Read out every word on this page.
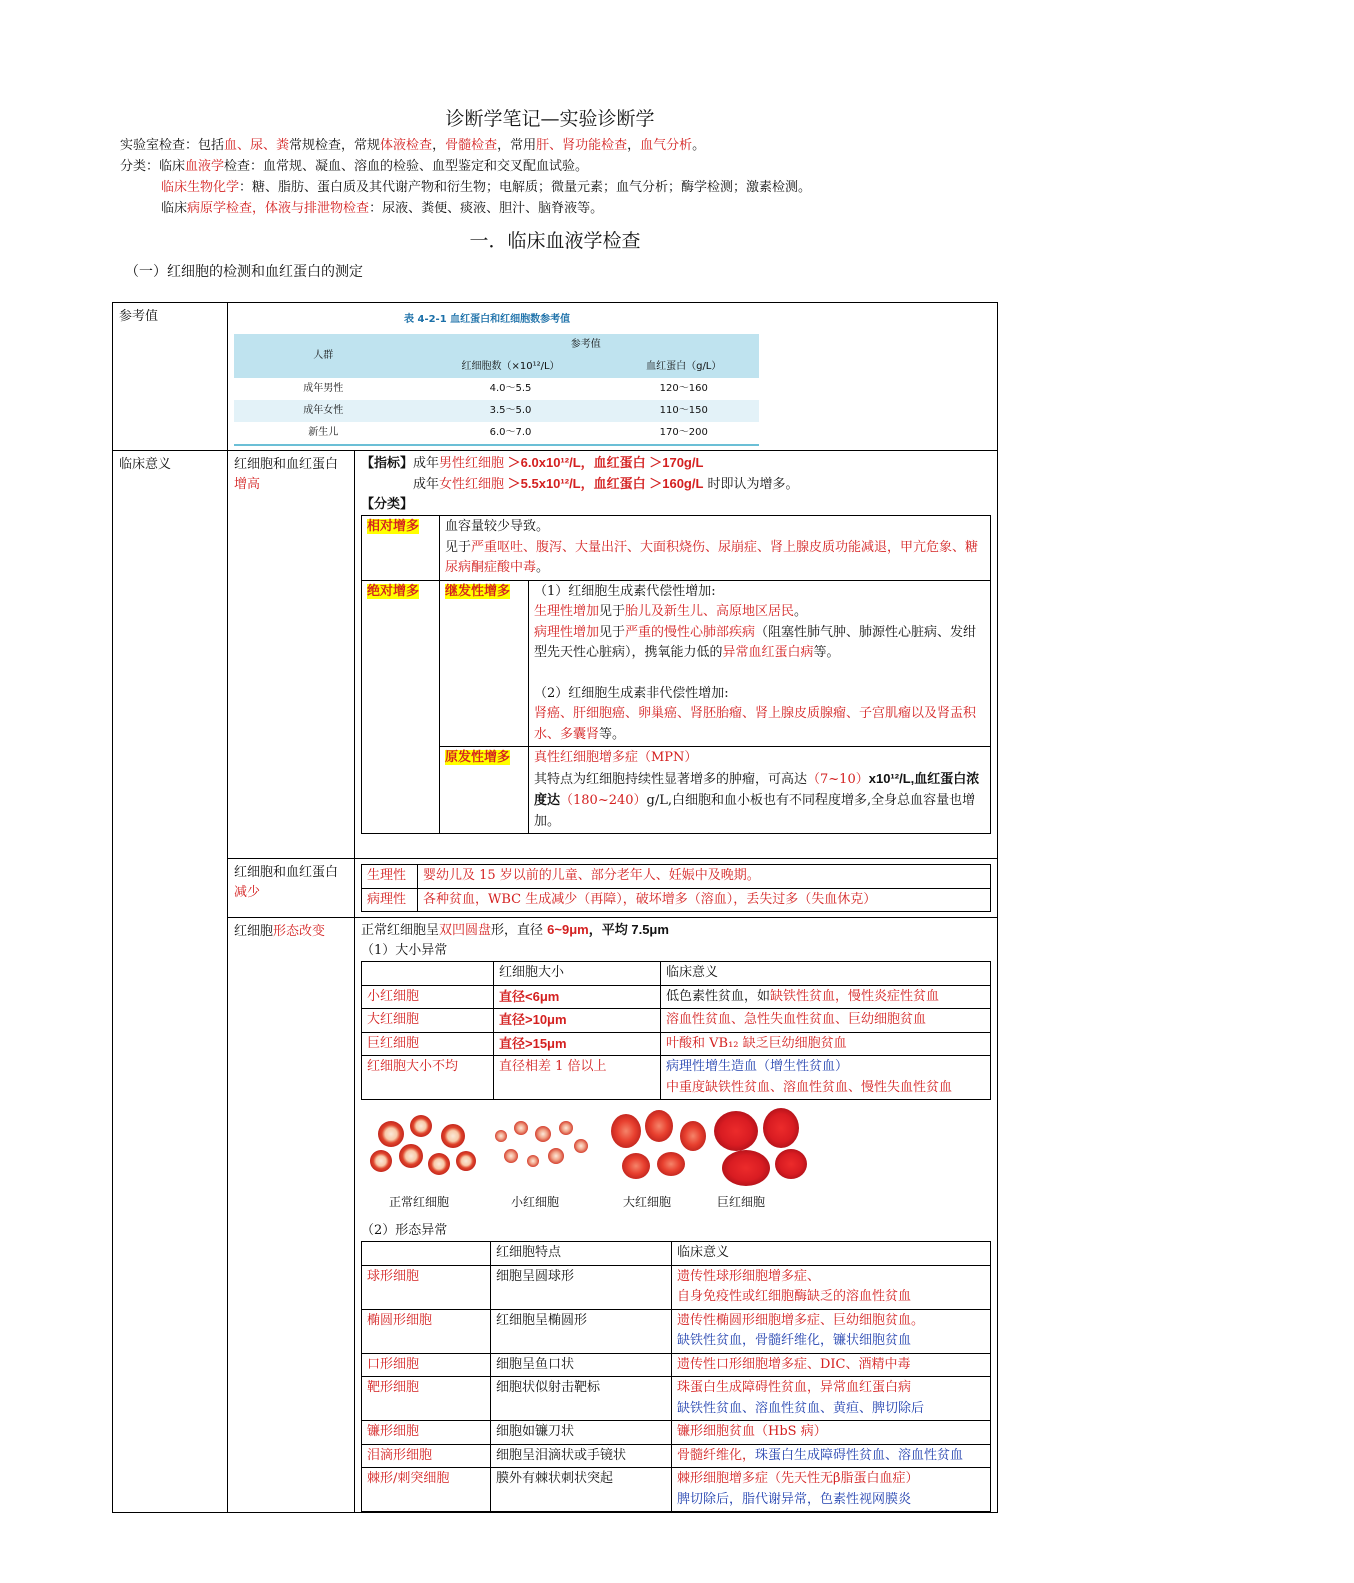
诊断学笔记—实验诊断学
实验室检查：包括血、尿、粪常规检查，常规体液检查，骨髓检查，常用肝、肾功能检查，血气分析。
分类：临床血液学检查：血常规、凝血、溶血的检验、血型鉴定和交叉配血试验。
临床生物化学：糖、脂肪、蛋白质及其代谢产物和衍生物；电解质；微量元素；血气分析；酶学检测；激素检测。
临床病原学检查，体液与排泄物检查：尿液、粪便、痰液、胆汁、脑脊液等。
一．临床血液学检查
（一）红细胞的检测和血红蛋白的测定
参考值	表 4-2-1 血红蛋白和红细胞数参考值
人群	参考值
红细胞数（×10¹²/L）	血红蛋白（g/L）
成年男性	4.0～5.5	120～160
成年女性	3.5～5.0	110～150
新生儿	6.0～7.0	170～200

临床意义	红细胞和血红蛋白
增高

【指标】成年男性红细胞 ＞6.0x10¹²/L，血红蛋白 ＞170g/L
成年女性红细胞 ＞5.5x10¹²/L，血红蛋白 ＞160g/L 时即认为增多。
【分类】
相对增多	血容量较少导致。
见于严重呕吐、腹泻、大量出汗、大面积烧伤、尿崩症、肾上腺皮质功能减退，甲亢危象、糖尿病酮症酸中毒。

绝对增多	继发性增多	（1）红细胞生成素代偿性增加:
生理性增加见于胎儿及新生儿、高原地区居民。
病理性增加见于严重的慢性心肺部疾病（阻塞性肺气肿、肺源性心脏病、发绀型先天性心脏病），携氧能力低的异常血红蛋白病等。
（2）红细胞生成素非代偿性增加:
肾癌、肝细胞癌、卵巢癌、肾胚胎瘤、肾上腺皮质腺瘤、子宫肌瘤以及肾盂积水、多囊肾等。

原发性增多	真性红细胞增多症（MPN）
其特点为红细胞持续性显著增多的肿瘤，可高达（7~10）x10¹²/L,血红蛋白浓度达（180~240）g/L,白细胞和血小板也有不同程度增多,全身总血容量也增加。

红细胞和血红蛋白
减少

生理性	婴幼儿及 15 岁以前的儿童、部分老年人、妊娠中及晚期。
病理性	各种贫血，WBC 生成减少（再障），破坏增多（溶血），丢失过多（失血休克）

红细胞形态改变	正常红细胞呈双凹圆盘形，直径 6~9μm，平均 7.5μm
（1）大小异常
	红细胞大小	临床意义
小红细胞	直径<6μm	低色素性贫血，如缺铁性贫血，慢性炎症性贫血
大红细胞	直径>10μm	溶血性贫血、急性失血性贫血、巨幼细胞贫血
巨红细胞	直径>15μm	叶酸和 VB₁₂ 缺乏巨幼细胞贫血
红细胞大小不均	直径相差 1 倍以上	病理性增生造血（增生性贫血）
中重度缺铁性贫血、溶血性贫血、慢性失血性贫血
正常红细胞	小红细胞	大红细胞	巨红细胞
（2）形态异常
	红细胞特点	临床意义
球形细胞	细胞呈圆球形	遗传性球形细胞增多症、
自身免疫性或红细胞酶缺乏的溶血性贫血

椭圆形细胞	红细胞呈椭圆形	遗传性椭圆形细胞增多症、巨幼细胞贫血。
缺铁性贫血，骨髓纤维化，镰状细胞贫血

口形细胞	细胞呈鱼口状	遗传性口形细胞增多症、DIC、酒精中毒
靶形细胞	细胞状似射击靶标	珠蛋白生成障碍性贫血，异常血红蛋白病
缺铁性贫血、溶血性贫血、黄疸、脾切除后

镰形细胞	细胞如镰刀状	镰形细胞贫血（HbS 病）
泪滴形细胞	细胞呈泪滴状或手镜状	骨髓纤维化，珠蛋白生成障碍性贫血、溶血性贫血
棘形/刺突细胞	膜外有棘状刺状突起	棘形细胞增多症（先天性无β脂蛋白血症）
脾切除后，脂代谢异常，色素性视网膜炎
